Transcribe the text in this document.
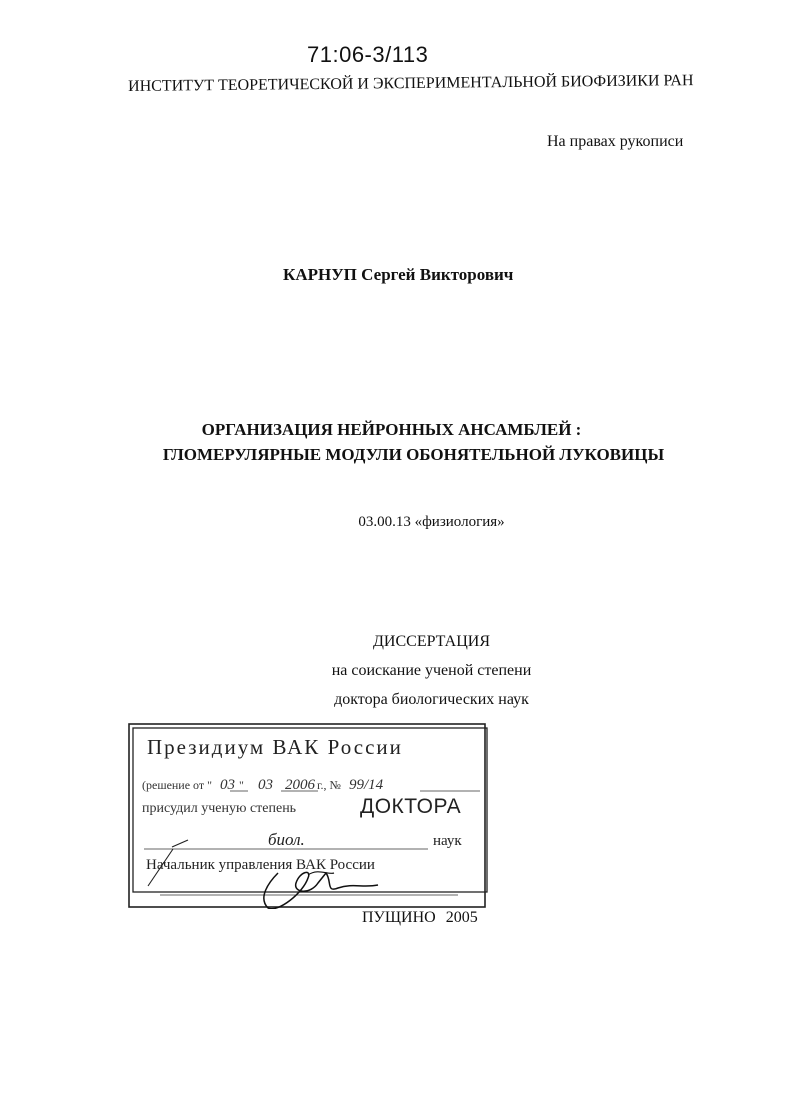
71:06-3/113
ИНСТИТУТ ТЕОРЕТИЧЕСКОЙ И ЭКСПЕРИМЕНТАЛЬНОЙ БИОФИЗИКИ РАН
На правах рукописи
КАРНУП Сергей Викторович
ОРГАНИЗАЦИЯ НЕЙРОННЫХ АНСАМБЛЕЙ :
ГЛОМЕРУЛЯРНЫЕ МОДУЛИ ОБОНЯТЕЛЬНОЙ ЛУКОВИЦЫ
03.00.13 «физиология»
ДИССЕРТАЦИЯ
на соискание ученой степени
доктора биологических наук
Президиум ВАК России
(решение от " 03 " 03 2006 г., № 99/14
присудил ученую степень	ДОКТОРА
биол.	наук
Начальник управления ВАК России
ПУЩИНО 2005
